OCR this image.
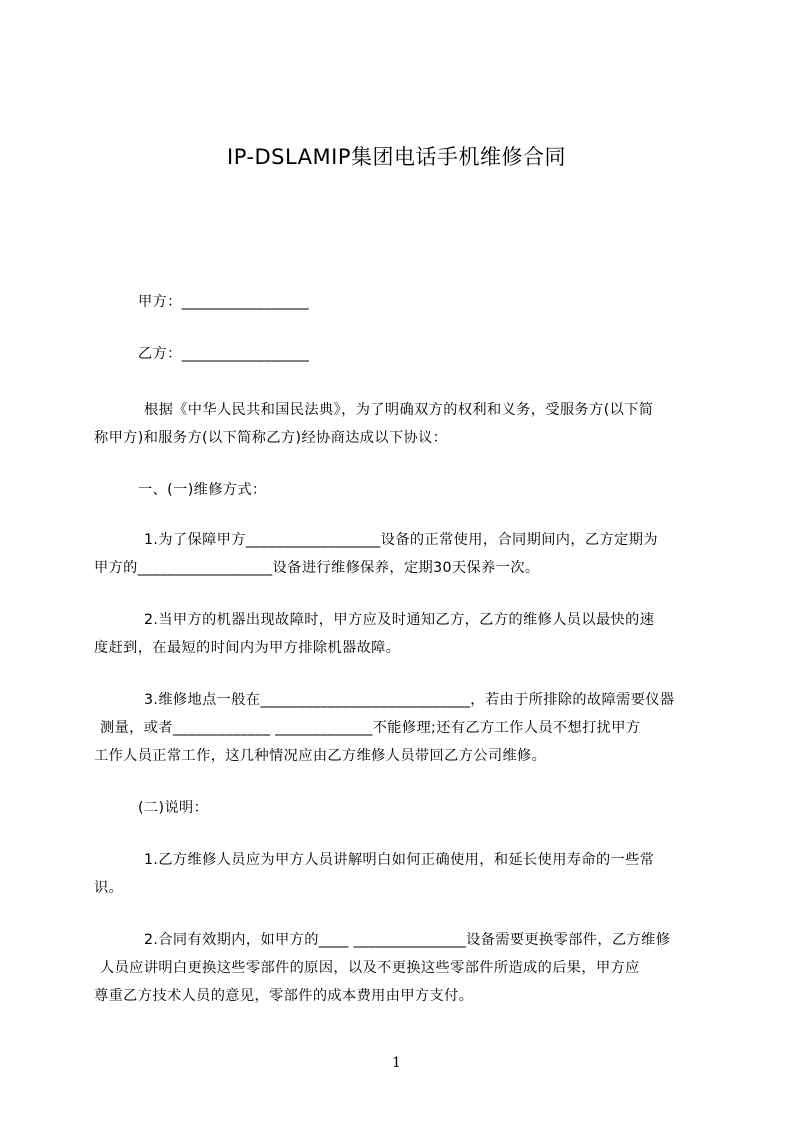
IP-DSLAMIP集团电话手机维修合同
甲方：_________________
乙方：_________________
根据《中华人民共和国民法典》，为了明确双方的权利和义务，受服务方(以下简
称甲方)和服务方(以下简称乙方)经协商达成以下协议：
一、(一)维修方式：
1.为了保障甲方__________________设备的正常使用，合同期间内，乙方定期为
甲方的__________________设备进行维修保养，定期30天保养一次。
2.当甲方的机器出现故障时，甲方应及时通知乙方，乙方的维修人员以最快的速
度赶到，在最短的时间内为甲方排除机器故障。
3.维修地点一般在____________________________，若由于所排除的故障需要仪器
测量，或者_____________ _____________不能修理;还有乙方工作人员不想打扰甲方
工作人员正常工作，这几种情况应由乙方维修人员带回乙方公司维修。
(二)说明：
1.乙方维修人员应为甲方人员讲解明白如何正确使用，和延长使用寿命的一些常
识。
2.合同有效期内，如甲方的____ _______________设备需要更换零部件，乙方维修
人员应讲明白更换这些零部件的原因，以及不更换这些零部件所造成的后果，甲方应
尊重乙方技术人员的意见，零部件的成本费用由甲方支付。
1
